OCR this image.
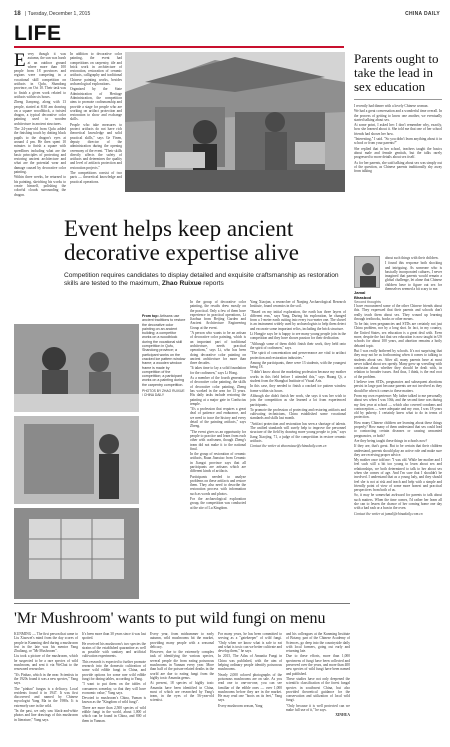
18 | Tuesday, December 1, 2015	CHINA DAILY
LIFE
E very though it was autumn, the sun was harsh at an outdoor ground where more than 100 people from 18 provinces and regions were competing in a vocational skill competition on artifacts in Qufu, Shandong province, on Oct 10. Their task was to finish a given work related to artifacts within six hours.

Zheng Jianyang, along with 13 people, started at 8:30 am drawing on a square woodblock, a twisted dragon, a typical decorative color painting used to wooden architecture in ancient structures.

The 24-year-old from Qufu added the finishing touch by dotting black pupils to the dragon's eyes at around 4 pm. He then spent 10 minutes to finish a square with speedlines including what are the basic principles of protecting and restoring ancient architecture and what are the potential wear and damage caused by decorative color painting.

Within three weeks, he returned to his painting, sketching his works to create himself, polishing the colorful clouds surrounding the dragon.

In addition to decorative color painting, the event had competitions on carpentry, tile and brick work in architecture of restoration, restoration of ceramic artifacts, calligraphy and traditional Chinese painting works, besides archaeological explorations.

Organized by the State Administration of Heritage Administration, the competition aims to promote craftsmanship and provide a stage for people who are working on artifact protection and restoration to show and exchange skills.

People who take measures to protect artifacts do not have rich theoretical knowledge and solid practical skills," says Ge Yinen, deputy director of the administration during the opening ceremony of the event. "Their skills directly affects the safety of artifacts and determines the quality and level of artifacts protection and restoration projects."

The competitions consist of two parts — theoretical knowledge and practical operations.

Event helps keep ancient decorative expertise alive
Competition requires candidates to display detailed and exquisite craftsmanship as restoration skills are tested to the maximum, Zhao Ruixue reports
From top: Artisans use ancient traditions to restore the decorative color painting on an ancient building; a competitor works on a woodblock during the vocational skill competition in Qufu, Shandong province; a participant works on the cracked ice pattern window frame; a wooden window frame is made by competition of the competition; a participant works on a painting during the carpentry competition.
PHOTOS BY ZHAO RUIXUE / CHINA DAILY

In the group of decorative color painting, the results drew mostly on the practical. Only a few of them have experience in practical operations, Li Jiaohua from Beijing Garden and Ancient Architecture Engineering Group at the event.

"A person who wants to be an artisan of decorative color painting, which is an important part of traditional architecture, needs practical operations," says Li, who has been doing decorative color painting on ancient architecture for more than three decades.

"It takes time to lay a solid foundation for the craftsmen," says Li Hong.

As a member of the fourth generation of decorative color painting, the skills of decorative color painting, Zheng has worked in the area for 13 years. His daily tasks include restoring the painting at a major gate in Confucius temple.

"It's a profession that requires a great deal of patience and endurance, and we need to trace the history and every detail of the painting artifacts," says Zheng.

"The event gives us an opportunity for people to practice and learn from each other with craftsmen, though Zheng's team did not make it to the national final.

In the group of restoration of ceramic artifacts, Ruan Jianxiao from Ceramic in Jiangxi province says that all participants are artisans which are different kinds of artifacts.

Participants needed to analyze problems on these artifacts and restore them. They also need to describe the restoration process with information such as words and photos.

For the archaeological exploration group, the competition was conducted at the site of Lu Kingdom.

Yang Xiaojun, a researcher of Nanjing Archaeological Research Institute, found ceramics in the soil.

"Based on my initial exploration, the earth has three layers of different eras," says Yang. During his exploration, he changed from a 1-meter earth cutting into every two-meter one. The shovel is an instrument widely used by archaeologists to help them detect and excavate some important relics, including the brick structure.

Li Hongjie says he is happy to see many young people join in the competition and they have shown passion for their dedication.

"Although some of them didn't finish their work, they held onto the spirit of craftsmen," says.

"The spirit of concentration and perseverance are vital to artifact protection and restoration industries."

Among the participants, there were 13 students, with the youngest being 18.

"I didn't know about the marketing profession because my mother works in this field before I attended this," says Huang Qi, a student from the Shanghai Institute of Visual Arts.

In this case, they needed to finish a cracked ice pattern window frame within six hours.

Although she didn't finish her work, she says it was her wish to join the competition as she learned a lot from experienced participants.

To promote the profession of protecting and restoring artifacts and cultivating technicians, China established some vocational standards and skills last month.

"Artifact protection and restoration has seen a shortage of talents. The unified standards will surely help to improve the personnel structure of the field by drawing more young people to join," says Jiang Xiaojing, 71, a judge of the competition in restore ceramic artifacts.

Contact the writer at zhaoruixue@chinadaily.com.cn

Parents ought to take the lead in sex education

I recently had dinner with a lovely Chinese woman.

We had a great conversation and a wonderful time overall. In the process of getting to know one another, we eventually started talking about sex.

At some point, I asked her: I don't remember why, exactly, how she learned about it. She told me that one of her school friends had shown her how.

"Interesting," I said. "So you didn't learn anything about it in school or from your parents?"

She replied that in her school, teachers taught the basics about male and female genitals, but the talks rarely progressed to more details about sex itself.

As for her parents, she said talking about sex was simply out of the question, as Chinese parents traditionally shy away from talking

Jamal Bhasbod
Second thoughts

about such things with their children.

I found this response both shocking and intriguing. As someone who is basically incorporated cultures, I never imagined that parents would remain a global challenge, let alone that Chinese children have to figure out sex for themselves seemed a bit scary to me.

I have encountered some of the other Chinese friends about this. They expressed that their parents and schools don't really teach them about sex. They wound up learning through textbooks, books or other means.

To be fair, teen pregnancies and STDs are certainly not just China problem, nor by a long shot. In fact, in my country, the United States, sex education is a great deal with. Even more, despite the fact that sex education is now taught in US schools for about 100 years, and abortion remains a hotly debated topic.

But I was really bothered by schools. It's not surprising that they may not be as forthcoming when it comes to talking to students about sex. After all, many parents have at most never talked about sex openly. Many grew up wrestling with confusion about whether they should be dealt with, in relation to broader issues. And thus, I think, is the real root of the problem.

I believe teen STDs, pregnancies and subsequent abortions persist in large part because parents are not involved as they should be when it comes to these matters.

From my own experience: My father talked to me personally about sex when I was 10th, and the second time was during my first year at school — which also covered condoms and contraception — were adequate and my own, I was 18 years old by puberty. I certainly knew what to do in terms of protection.

How many Chinese children are learning about these things properly? How many of them understand that sex could lead to contracting certain diseases or causing unwanted pregnancies, or both?

Are they being taught these things in schools now?

If they are, that's great. But to be certain that their children understand, parents should play an active role and make sure they are receiving proper advice.

My mother once told me: "I was old. While her mother and I feel such still a bit too young to learn about sex and relationships, we both determined to talk to her about sex when she comes of age. And I'm sure that I shouldn't be involved. I understand that as a young lady, and they should feel she is not at risk and teach and help with a simple and friendly point of view of some more honest and practical perspectives from both of us.

So, it may be somewhat awkward for parents to talk about such matters. When the time comes, I'd rather her learn all she can to lessen the chance of her coming home one day with a bad rash or a bun in the oven.

Contact the writer at jamal@chinadaily.com.cn

'Mr Mushroom' wants to put wild fungi on menu

KUNMING — The first person that came to Liu Xiaowei's mind from the day scores of people in Kunming died during a mushroom fest in the late was his mentor Yang Zhuliang, or "Mr Mushroom".

Liu took a picture of the mushroom, which he suspected to be a rare species of wild mushroom, and sent it via WeChat to the renowned researcher.

"It's Pinhao, which in the near. Scientists in the 1920s found it was a new species," Yang says.

The "pinhao" fungus is a delicacy. Local residents found it in 1947. It was first discovered and named by Chinese mycologist Yang Ma in the 1980s. It is extremely rare in the wild.

"In the past, we only saw black-and-white photos and line drawings of this mushroom in literature," Yang says.

It's been more than 30 years since it was last spotted.

He received his mushroom's two species the strains of the established quarantine as well as possible with sanitary and artificial cultivation experiments.

This research is expected to further promote research into the domestic cultivation of some wild edible fungi in China, and provide options for some rare wild edible fungi for dining tables, according to Yang.

"I want to put them on the tables of consumers someday, so that they will have economic value," Yang says.

Devoted to mushroom's China, Yuman is known as the "Kingdom of wild fungi".

There are more than 2,500 species of wild edible fungi in the world, about 1,000 of which can be found in China, and 800 of them in Yunnan.

Every year, from midsummer to early autumn, wild mushrooms hit the market, providing many people with a seasonal delicacy.

However, due to the extremely complex task of identifying the various species, several people die from eating poisonous mushrooms in Yunnan every year. More than half of the poison-related deaths in the world are due to eating fungi from the highly toxic Amanita genus.

At present, 18 species of highly toxic Amanita have been identified in China, most of which are researched by Yang's team, in the eyes of the 56-year-old scientist.

For many years, he has been committed to serving as a "gatekeeper" of wild fungi. "Only when we know what is safe to eat and what is toxic can we better cultivate and develop them," he says.

In 2015, The Atlas of Amanita Fungi in China was published, with the aim of helping ordinary people identify poisonous mushrooms.

Nearly 2,000 colored photographs of the poisonous mushrooms are on sale. As you read one to one-on-one, you can see familiar of the edible ones — over 1,000 mushrooms before they are in the market. He may read one "boots on its feet," Yang says.

Every mushroom season, Yang

and his colleagues at the Kunming Institute of Botany, part of the Chinese Academy of Sciences, go deep into the countryside daily with local farmers, going out early and returning late.

Due to these efforts, more than 1,000 specimens of fungi have been collected and preserved over the years, and more than 400 new species of wild fungi have been named and published.

These studies have not only deepened the scientific classification of the forest fungal species in southwest China, but also provided theoretical guidance for the conservation and utilization of local wild fungi.

"Only because it is well protected can we make full use of it," he says.

XINHUA
